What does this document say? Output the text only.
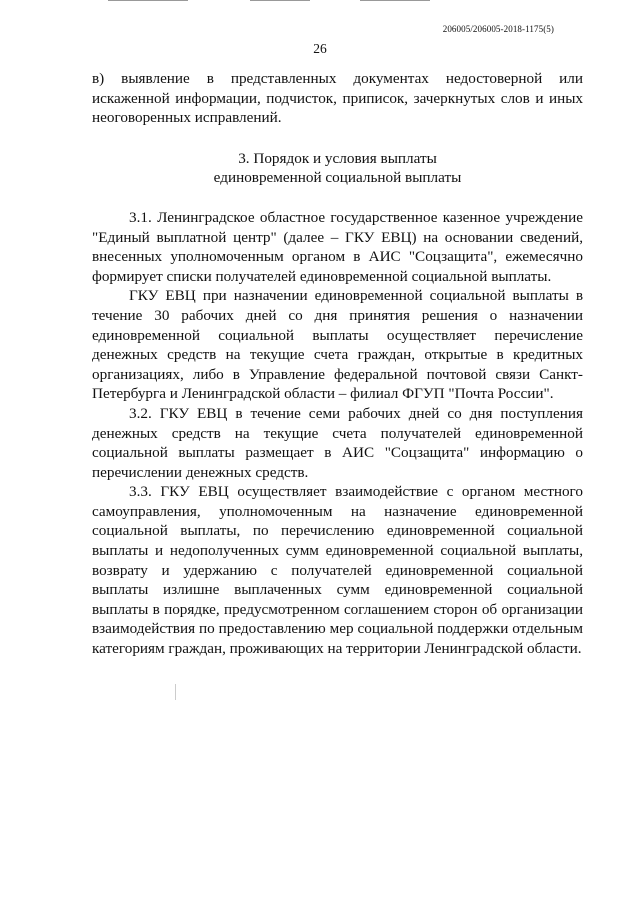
206005/206005-2018-1175(5)
26

в) выявление в представленных документах недостоверной или искаженной информации, подчисток, приписок, зачеркнутых слов и иных неоговоренных исправлений.

3. Порядок и условия выплаты
единовременной социальной выплаты

3.1. Ленинградское областное государственное казенное учреждение "Единый выплатной центр" (далее – ГКУ ЕВЦ) на основании сведений, внесенных уполномоченным органом в АИС "Соцзащита", ежемесячно формирует списки получателей единовременной социальной выплаты.

ГКУ ЕВЦ при назначении единовременной социальной выплаты в течение 30 рабочих дней со дня принятия решения о назначении единовременной социальной выплаты осуществляет перечисление денежных средств на текущие счета граждан, открытые в кредитных организациях, либо в Управление федеральной почтовой связи Санкт-Петербурга и Ленинградской области – филиал ФГУП "Почта России".

3.2. ГКУ ЕВЦ в течение семи рабочих дней со дня поступления денежных средств на текущие счета получателей единовременной социальной выплаты размещает в АИС "Соцзащита" информацию о перечислении денежных средств.

3.3. ГКУ ЕВЦ осуществляет взаимодействие с органом местного самоуправления, уполномоченным на назначение единовременной социальной выплаты, по перечислению единовременной социальной выплаты и недополученных сумм единовременной социальной выплаты, возврату и удержанию с получателей единовременной социальной выплаты излишне выплаченных сумм единовременной социальной выплаты в порядке, предусмотренном соглашением сторон об организации взаимодействия по предоставлению мер социальной поддержки отдельным категориям граждан, проживающих на территории Ленинградской области.
